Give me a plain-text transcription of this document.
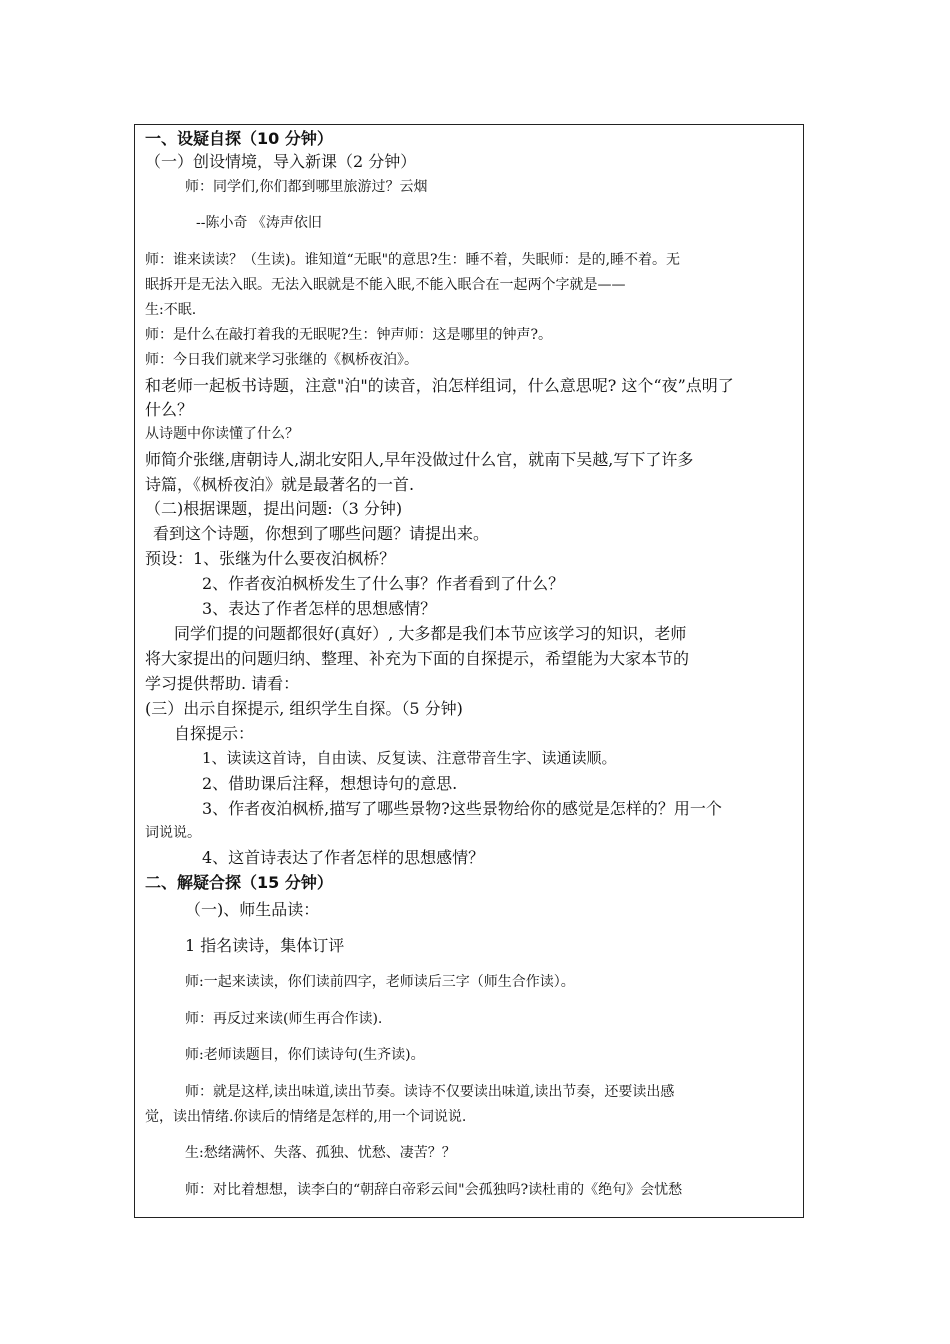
一、设疑自探（10 分钟）
（一）创设情境，导入新课（2 分钟）
师：同学们,你们都到哪里旅游过？云烟
--陈小奇 《涛声依旧
师：谁来读读？（生读)。谁知道“无眠"的意思?生：睡不着，失眠师：是的,睡不着。无
眠拆开是无法入眠。无法入眠就是不能入眠,不能入眠合在一起两个字就是——
生:不眠.
师：是什么在敲打着我的无眠呢?生：钟声师：这是哪里的钟声?。
师：今日我们就来学习张继的《枫桥夜泊》。
和老师一起板书诗题，注意"泊"的读音，泊怎样组词，什么意思呢? 这个“夜”点明了
什么？
从诗题中你读懂了什么？
师简介张继,唐朝诗人,湖北安阳人,早年没做过什么官，就南下吴越,写下了许多
诗篇，《枫桥夜泊》就是最著名的一首.
（二)根据课题，提出问题:（3 分钟)
看到这个诗题，你想到了哪些问题？请提出来。
预设：1、张继为什么要夜泊枫桥？
2、作者夜泊枫桥发生了什么事？作者看到了什么？
3、表达了作者怎样的思想感情？
同学们提的问题都很好(真好）, 大多都是我们本节应该学习的知识，老师
将大家提出的问题归纳、整理、补充为下面的自探提示，希望能为大家本节的
学习提供帮助. 请看：
(三）出示自探提示, 组织学生自探。（5 分钟)
自探提示：
1、读读这首诗，自由读、反复读、注意带音生字、读通读顺。
2、借助课后注释，想想诗句的意思.
3、作者夜泊枫桥,描写了哪些景物?这些景物给你的感觉是怎样的？用一个
词说说。
4、这首诗表达了作者怎样的思想感情？
二、解疑合探（15 分钟）
（一)、师生品读：
1 指名读诗，集体订评
师:一起来读读，你们读前四字，老师读后三字（师生合作读）。
师：再反过来读(师生再合作读).
师:老师读题目，你们读诗句(生齐读)。
师：就是这样,读出味道,读出节奏。读诗不仅要读出味道,读出节奏，还要读出感
觉，读出情绪.你读后的情绪是怎样的,用一个词说说.
生:愁绪满怀、失落、孤独、忧愁、凄苦？？
师：对比着想想，读李白的“朝辞白帝彩云间"会孤独吗?读杜甫的《绝句》会忧愁
